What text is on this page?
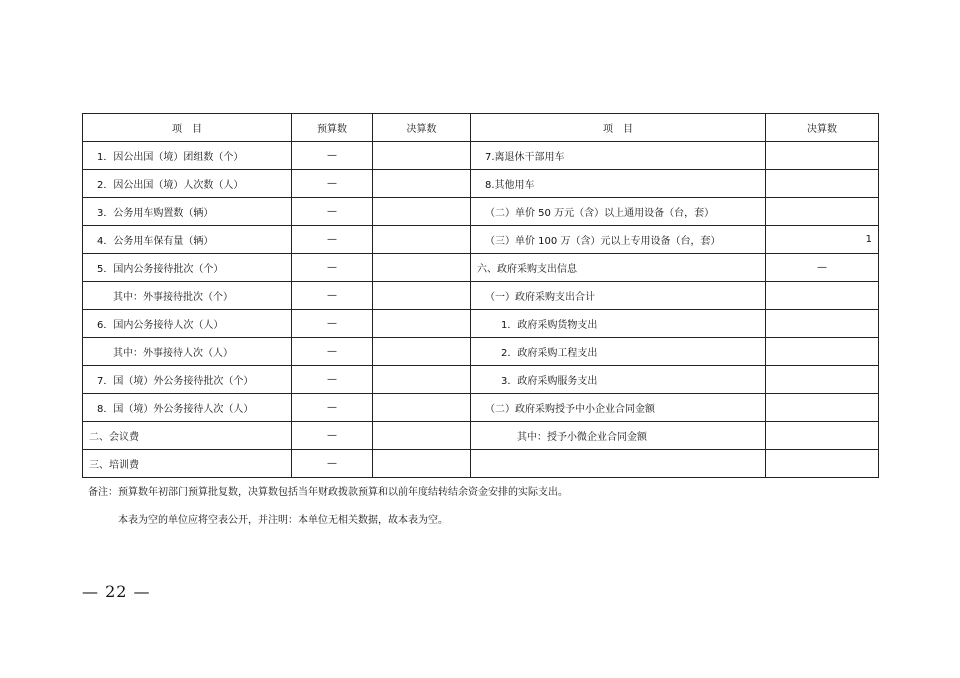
项　目	预算数	决算数	项　目	决算数
1．因公出国（境）团组数（个）	—		7.离退休干部用车	
2．因公出国（境）人次数（人）	—		8.其他用车	
3．公务用车购置数（辆）	—		（二）单价 50 万元（含）以上通用设备（台，套）	
4．公务用车保有量（辆）	—		（三）单价 100 万（含）元以上专用设备（台，套）	1
5．国内公务接待批次（个）	—		六、政府采购支出信息	—
其中：外事接待批次（个）	—		（一）政府采购支出合计	
6．国内公务接待人次（人）	—		1．政府采购货物支出	
其中：外事接待人次（人）	—		2．政府采购工程支出	
7．国（境）外公务接待批次（个）	—		3．政府采购服务支出	
8．国（境）外公务接待人次（人）	—		（二）政府采购授予中小企业合同金额	
二、会议费	—		其中：授予小微企业合同金额	
三、培训费	—			
备注：预算数年初部门预算批复数，决算数包括当年财政拨款预算和以前年度结转结余资金安排的实际支出。
本表为空的单位应将空表公开，并注明：本单位无相关数据，故本表为空。
— 22 —
